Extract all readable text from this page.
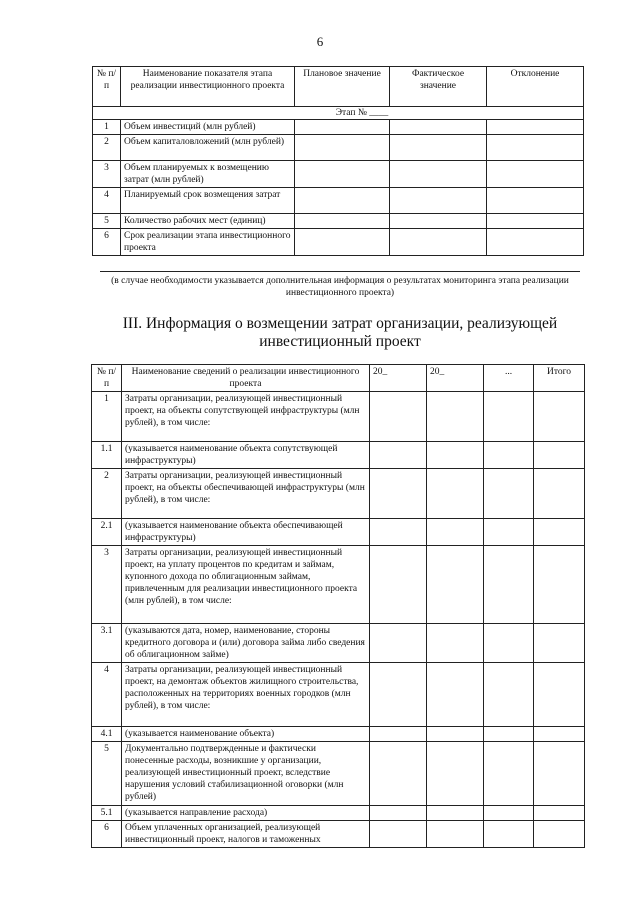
6
№ п/п	Наименование показателя этапа реализации инвестиционного проекта	Плановое значение	Фактическое значение	Отклонение
Этап № ____				
1	Объем инвестиций (млн рублей)			
2	Объем капиталовложений (млн рублей)			
3	Объем планируемых к возмещению затрат (млн рублей)			
4	Планируемый срок возмещения затрат			
5	Количество рабочих мест (единиц)			
6	Срок реализации этапа инвестиционного проекта			
(в случае необходимости указывается дополнительная информация о результатах мониторинга этапа реализации инвестиционного проекта)
III. Информация о возмещении затрат организации, реализующей инвестиционный проект
№ п/п	Наименование сведений о реализации инвестиционного проекта	20_	20_	...	Итого
1	Затраты организации, реализующей инвестиционный проект, на объекты сопутствующей инфраструктуры (млн рублей), в том числе:				
1.1	(указывается наименование объекта сопутствующей инфраструктуры)				
2	Затраты организации, реализующей инвестиционный проект, на объекты обеспечивающей инфраструктуры (млн рублей), в том числе:				
2.1	(указывается наименование объекта обеспечивающей инфраструктуры)				
3	Затраты организации, реализующей инвестиционный проект, на уплату процентов по кредитам и займам, купонного дохода по облигационным займам, привлеченным для реализации инвестиционного проекта (млн рублей), в том числе:				
3.1	(указываются дата, номер, наименование, стороны кредитного договора и (или) договора займа либо сведения об облигационном займе)				
4	Затраты организации, реализующей инвестиционный проект, на демонтаж объектов жилищного строительства, расположенных на территориях военных городков (млн рублей), в том числе:				
4.1	(указывается наименование объекта)				
5	Документально подтвержденные и фактически понесенные расходы, возникшие у организации, реализующей инвестиционный проект, вследствие нарушения условий стабилизационной оговорки (млн рублей)				
5.1	(указывается направление расхода)				
6	Объем уплаченных организацией, реализующей инвестиционный проект, налогов и таможенных				
